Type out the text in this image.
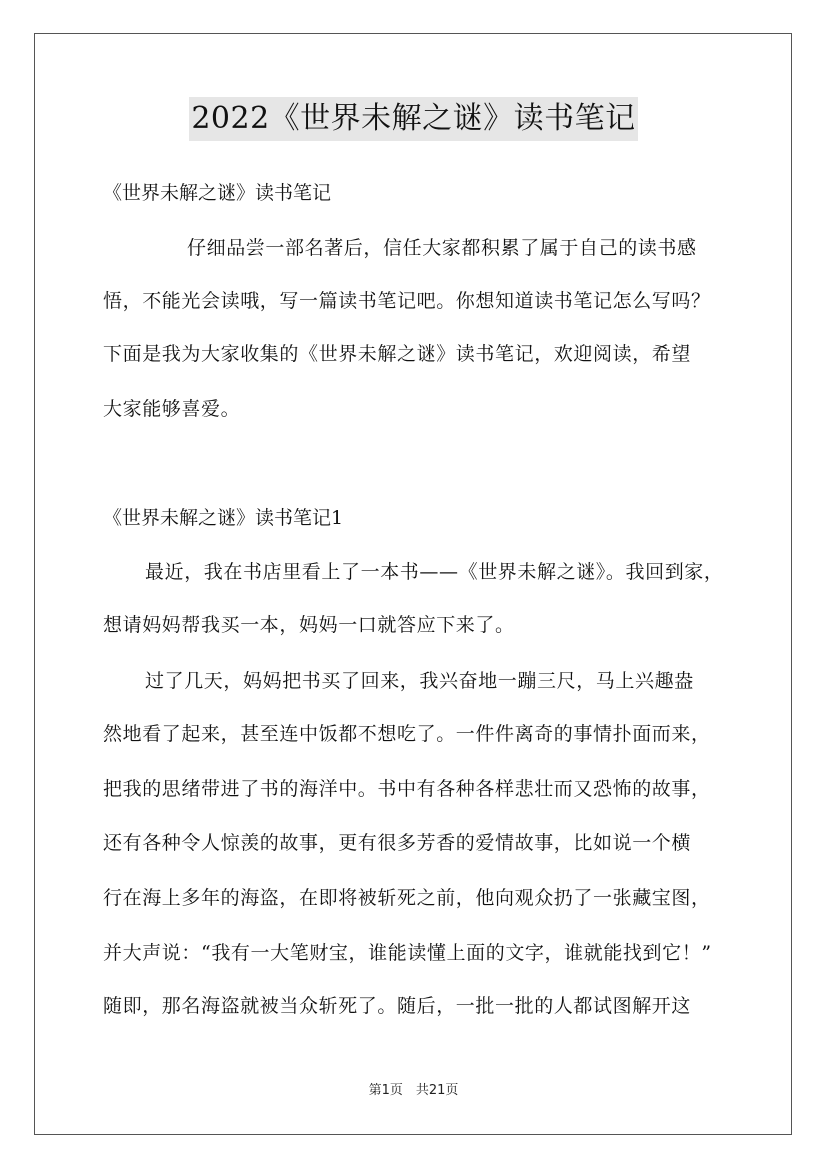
2022《世界未解之谜》读书笔记
《世界未解之谜》读书笔记
仔细品尝一部名著后，信任大家都积累了属于自己的读书感
悟，不能光会读哦，写一篇读书笔记吧。你想知道读书笔记怎么写吗？
下面是我为大家收集的《世界未解之谜》读书笔记，欢迎阅读，希望
大家能够喜爱。
《世界未解之谜》读书笔记1
最近，我在书店里看上了一本书——《世界未解之谜》。我回到家，
想请妈妈帮我买一本，妈妈一口就答应下来了。
过了几天，妈妈把书买了回来，我兴奋地一蹦三尺，马上兴趣盎
然地看了起来，甚至连中饭都不想吃了。一件件离奇的事情扑面而来，
把我的思绪带进了书的海洋中。书中有各种各样悲壮而又恐怖的故事，
还有各种令人惊羡的故事，更有很多芳香的爱情故事，比如说一个横
行在海上多年的海盗，在即将被斩死之前，他向观众扔了一张藏宝图，
并大声说：“我有一大笔财宝，谁能读懂上面的文字，谁就能找到它！”
随即，那名海盗就被当众斩死了。随后，一批一批的人都试图解开这
第1页　共21页
